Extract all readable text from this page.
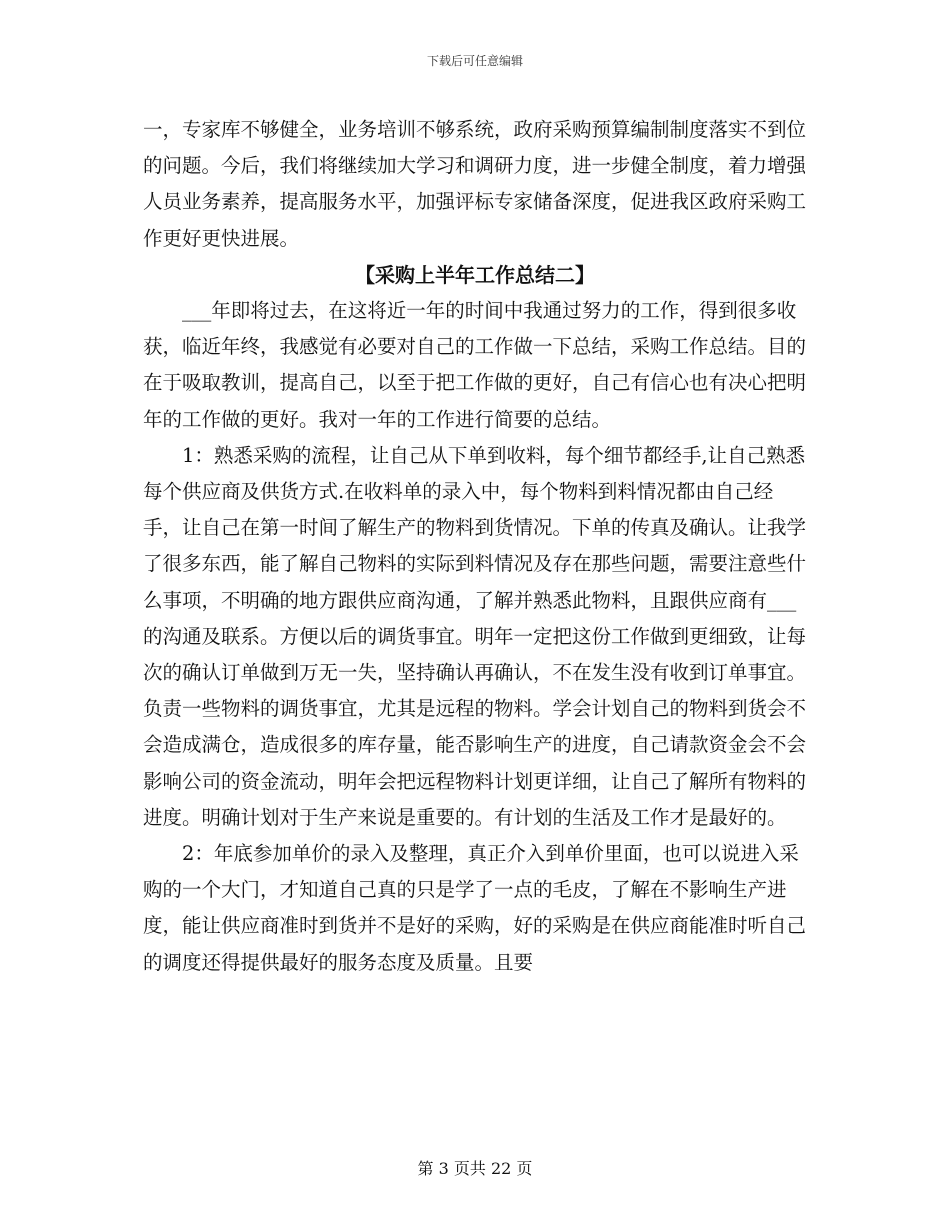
下载后可任意编辑

一，专家库不够健全，业务培训不够系统，政府采购预算编制制度落实不到位的问题。今后，我们将继续加大学习和调研力度，进一步健全制度，着力增强人员业务素养，提高服务水平，加强评标专家储备深度，促进我区政府采购工作更好更快进展。

【采购上半年工作总结二】

___年即将过去，在这将近一年的时间中我通过努力的工作，得到很多收获，临近年终，我感觉有必要对自己的工作做一下总结，采购工作总结。目的在于吸取教训，提高自己，以至于把工作做的更好，自己有信心也有决心把明年的工作做的更好。我对一年的工作进行简要的总结。

1：熟悉采购的流程，让自己从下单到收料，每个细节都经手,让自己熟悉每个供应商及供货方式.在收料单的录入中，每个物料到料情况都由自己经手，让自己在第一时间了解生产的物料到货情况。下单的传真及确认。让我学了很多东西，能了解自己物料的实际到料情况及存在那些问题，需要注意些什么事项，不明确的地方跟供应商沟通，了解并熟悉此物料，且跟供应商有___的沟通及联系。方便以后的调货事宜。明年一定把这份工作做到更细致，让每次的确认订单做到万无一失，坚持确认再确认，不在发生没有收到订单事宜。负责一些物料的调货事宜，尤其是远程的物料。学会计划自己的物料到货会不会造成满仓，造成很多的库存量，能否影响生产的进度，自己请款资金会不会影响公司的资金流动，明年会把远程物料计划更详细，让自己了解所有物料的进度。明确计划对于生产来说是重要的。有计划的生活及工作才是最好的。

2：年底参加单价的录入及整理，真正介入到单价里面，也可以说进入采购的一个大门，才知道自己真的只是学了一点的毛皮，了解在不影响生产进度，能让供应商准时到货并不是好的采购，好的采购是在供应商能准时听自己的调度还得提供最好的服务态度及质量。且要

第 3 页共 22 页
